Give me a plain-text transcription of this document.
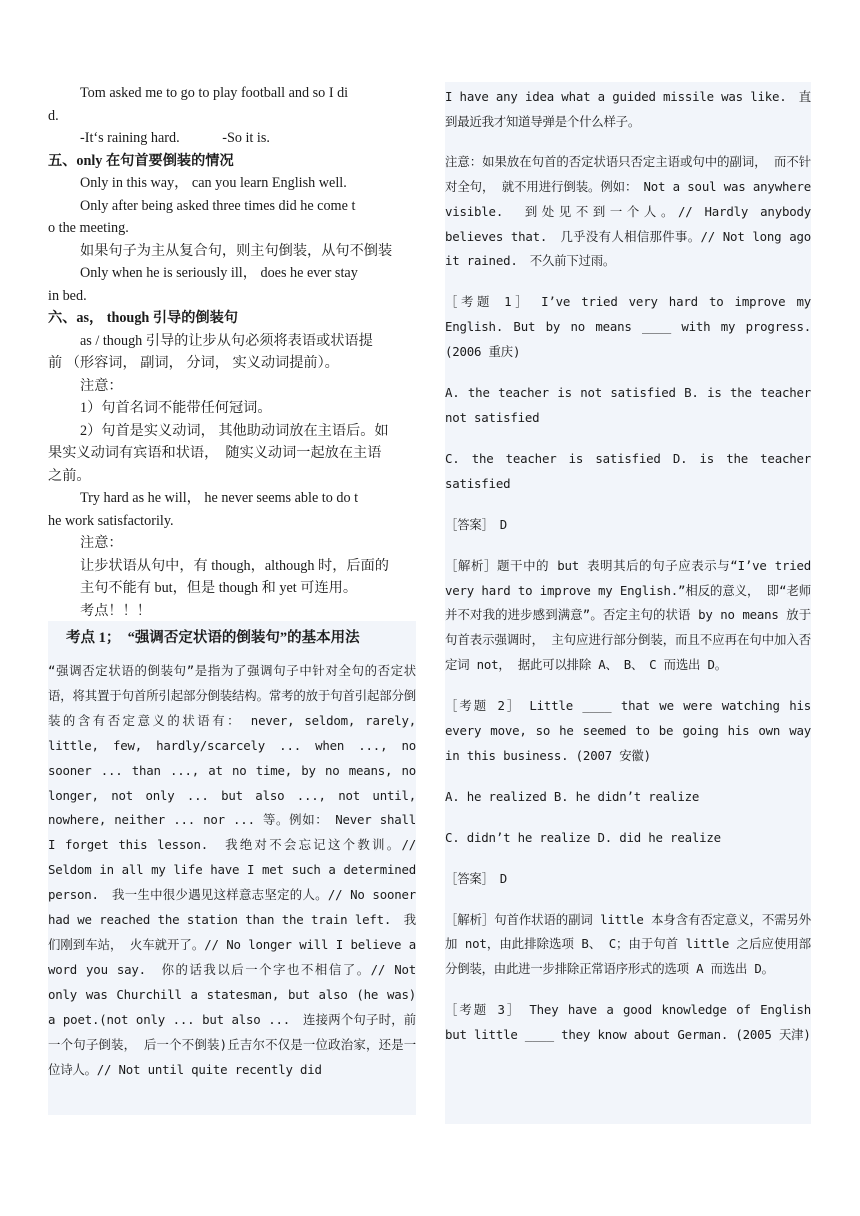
Tom asked me to go to play football and so I di
d.
-It‘s raining hard.　　　-So it is.
五、only 在句首要倒装的情况
Only in this way， can you learn English well.
Only after being asked three times did he come t
o the meeting.
如果句子为主从复合句，则主句倒装，从句不倒装
Only when he is seriously ill， does he ever stay
in bed.
六、as， though 引导的倒装句
as / though 引导的让步从句必须将表语或状语提
前 （形容词， 副词， 分词， 实义动词提前）。
注意：
1）句首名词不能带任何冠词。
2）句首是实义动词， 其他助动词放在主语后。如
果实义动词有宾语和状语，　随实义动词一起放在主语
之前。
Try hard as he will， he never seems able to do t
he work satisfactorily.
注意：
让步状语从句中，有 though，although 时，后面的
主句不能有 but，但是 though 和 yet 可连用。
考点！！！
考点 1；　“强调否定状语的倒装句”的基本用法
“强调否定状语的倒装句”是指为了强调句子中针对全句的否定状语，将其置于句首所引起部分倒装结构。常考的放于句首引起部分倒装的含有否定意义的状语有：　never, seldom, rarely, little, few, hardly/scarcely ... when ..., no sooner ... than ..., at no time, by no means, no longer, not only ... but also ..., not until, nowhere, neither ... nor ... 等。例如：　Never shall I forget this lesson.　我绝对不会忘记这个教训。// Seldom in all my life have I met such a determined person.　我一生中很少遇见这样意志坚定的人。// No sooner had we reached the station than the train left.　我们刚到车站， 火车就开了。// No longer will I believe a word you say.　你的话我以后一个字也不相信了。// Not only was Churchill a statesman, but also (he was) a poet.(not only ... but also ...　连接两个句子时，前一个句子倒装， 后一个不倒装)丘吉尔不仅是一位政治家，还是一位诗人。// Not until quite recently did

I have any idea what a guided missile was like.　直到最近我才知道导弹是个什么样子。

注意：如果放在句首的否定状语只否定主语或句中的副词， 而不针对全句， 就不用进行倒装。例如：　Not a soul was anywhere visible.　到处见不到一个人。// Hardly anybody believes that.　几乎没有人相信那件事。// Not long ago it rained.　不久前下过雨。

［考题 1］　I’ve tried very hard to improve my English. But by no means ____ with my progress. (2006 重庆)

A. the teacher is not satisfied B. is the teacher not satisfied

C. the teacher is satisfied D. is the teacher satisfied

［答案］　D

［解析］题干中的 but 表明其后的句子应表示与“I’ve tried very hard to improve my English.”相反的意义， 即“老师并不对我的进步感到满意”。否定主句的状语 by no means 放于句首表示强调时， 主句应进行部分倒装，而且不应再在句中加入否定词 not， 据此可以排除 A、　B、　C 而选出 D。

［考题 2］　Little ____ that we were watching his every move, so he seemed to be going his own way in this business. (2007 安徽)

A. he realized B. he didn’t realize

C. didn’t he realize D. did he realize

［答案］　D

［解析］句首作状语的副词 little 本身含有否定意义，不需另外加 not，由此排除选项 B、 C；由于句首 little 之后应使用部分倒装，由此进一步排除正常语序形式的选项 A 而选出 D。

［考题 3］　They have a good knowledge of English but little ____ they know about German. (2005 天津)
